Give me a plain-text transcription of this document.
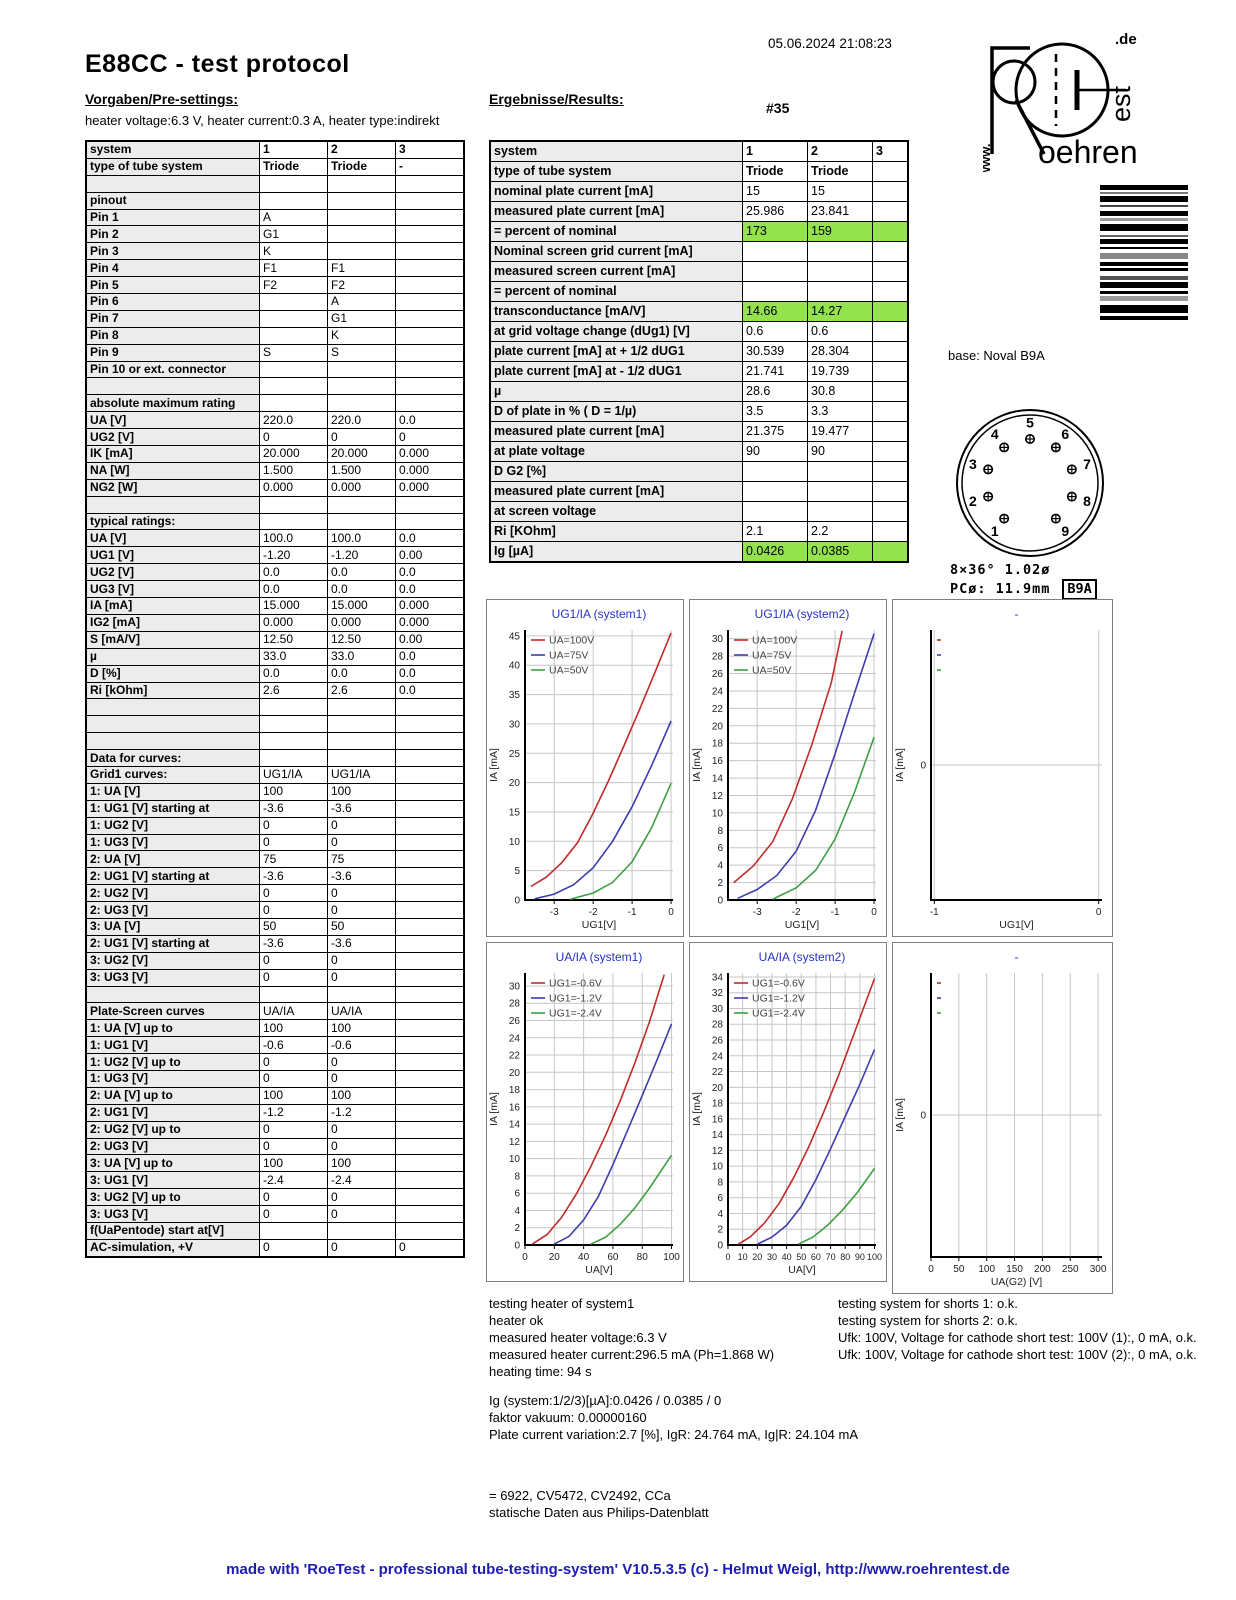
E88CC - test protocol
05.06.2024 21:08:23
Vorgaben/Pre-settings:	Ergebnisse/Results:
heater voltage:6.3 V, heater current:0.3 A, heater type:indirekt
#35
oehren
www.
est
.de
system	1	2	3
type of tube system	Triode	Triode	-

pinout			
Pin 1	A		
Pin 2	G1		
Pin 3	K		
Pin 4	F1	F1	
Pin 5	F2	F2	
Pin 6		A	
Pin 7		G1	
Pin 8		K	
Pin 9	S	S	
Pin 10 or ext. connector			

absolute maximum rating			
UA [V]	220.0	220.0	0.0
UG2 [V]	0	0	0
IK [mA]	20.000	20.000	0.000
NA [W]	1.500	1.500	0.000
NG2 [W]	0.000	0.000	0.000

typical ratings:			
UA [V]	100.0	100.0	0.0
UG1 [V]	-1.20	-1.20	0.00
UG2 [V]	0.0	0.0	0.0
UG3 [V]	0.0	0.0	0.0
IA [mA]	15.000	15.000	0.000
IG2 [mA]	0.000	0.000	0.000
S [mA/V]	12.50	12.50	0.00
µ	33.0	33.0	0.0
D [%]	0.0	0.0	0.0
Ri [kOhm]	2.6	2.6	0.0

Data for curves:			
Grid1 curves:	UG1/IA	UG1/IA	
1: UA [V]	100	100	
1: UG1 [V] starting at	-3.6	-3.6	
1: UG2 [V]	0	0	
1: UG3 [V]	0	0	
2: UA [V]	75	75	
2: UG1 [V] starting at	-3.6	-3.6	
2: UG2 [V]	0	0	
2: UG3 [V]	0	0	
3: UA [V]	50	50	
2: UG1 [V] starting at	-3.6	-3.6	
3: UG2 [V]	0	0	
3: UG3 [V]	0	0	

Plate-Screen curves	UA/IA	UA/IA	
1: UA [V] up to	100	100	
1: UG1 [V]	-0.6	-0.6	
1: UG2 [V] up to	0	0	
1: UG3 [V]	0	0	
2: UA [V] up to	100	100	
2: UG1 [V]	-1.2	-1.2	
2: UG2 [V] up to	0	0	
2: UG3 [V]	0	0	
3: UA [V] up to	100	100	
3: UG1 [V]	-2.4	-2.4	
3: UG2 [V] up to	0	0	
3: UG3 [V]	0	0	
f(UaPentode) start at[V]			
AC-simulation, +V	0	0	0
system	1	2	3
type of tube system	Triode	Triode	
nominal plate current [mA]	15	15	
measured plate current [mA]	25.986	23.841	
= percent of nominal	173	159	
Nominal screen grid current [mA]			
measured screen current [mA]			
= percent of nominal			
transconductance [mA/V]	14.66	14.27	
at grid voltage change (dUg1) [V]	0.6	0.6	
plate current [mA] at + 1/2 dUG1	30.539	28.304	
plate current [mA] at - 1/2 dUG1	21.741	19.739	
µ	28.6	30.8	
D of plate in % ( D = 1/µ)	3.5	3.3	
measured plate current [mA]	21.375	19.477	
at plate voltage	90	90	
D G2 [%]			
measured plate current [mA]			
at screen voltage			
Ri [KOhm]	2.1	2.2	
Ig [µA]	0.0426	0.0385	
base: Noval B9A
1
2
3
4
5
6
7
8
9
8×36° 1.02ø
PCø: 11.9mm B9A
UG1/IA (system1)
-3	-2	-1	0
0
5
10
15
20
25
30
35
40
45
UG1[V]
IA [mA]
UA=100V
UA=75V
UA=50V
UG1/IA (system2)
-3	-2	-1	0
0
2
4
6
8
10
12
14
16
18
20
22
24
26
28
30
UG1[V]
IA [mA]
UA=100V
UA=75V
UA=50V
-
-1	0
0
UG1[V]
IA [mA]
UA/IA (system1)
0 20 40 60 80 100
0
2
4
6
8
10
12
14
16
18
20
22
24
26
28
30
UA[V]
IA [mA]
UG1=-0.6V
UG1=-1.2V
UG1=-2.4V
UA/IA (system2)
0 10 20 30 40 50 60 70 80 90 100
0
2
4
6
8
10
12
14
16
18
20
22
24
26
28
30
32
34
UA[V]
IA [mA]
UG1=-0.6V
UG1=-1.2V
UG1=-2.4V
-
0 50 100 150 200 250 300
0
UA(G2) [V]
IA [mA]
testing heater of system1
heater ok
measured heater voltage:6.3 V
measured heater current:296.5 mA (Ph=1.868 W)
heating time: 94 s
testing system for shorts 1: o.k.
testing system for shorts 2: o.k.
Ufk: 100V, Voltage for cathode short test: 100V (1):, 0 mA, o.k.
Ufk: 100V, Voltage for cathode short test: 100V (2):, 0 mA, o.k.
Ig (system:1/2/3)[µA]:0.0426 / 0.0385 / 0
faktor vakuum: 0.00000160
Plate current variation:2.7 [%], IgR: 24.764 mA, Ig|R: 24.104 mA
= 6922, CV5472, CV2492, CCa
statische Daten aus Philips-Datenblatt
made with 'RoeTest - professional tube-testing-system' V10.5.3.5 (c) - Helmut Weigl, http://www.roehrentest.de
